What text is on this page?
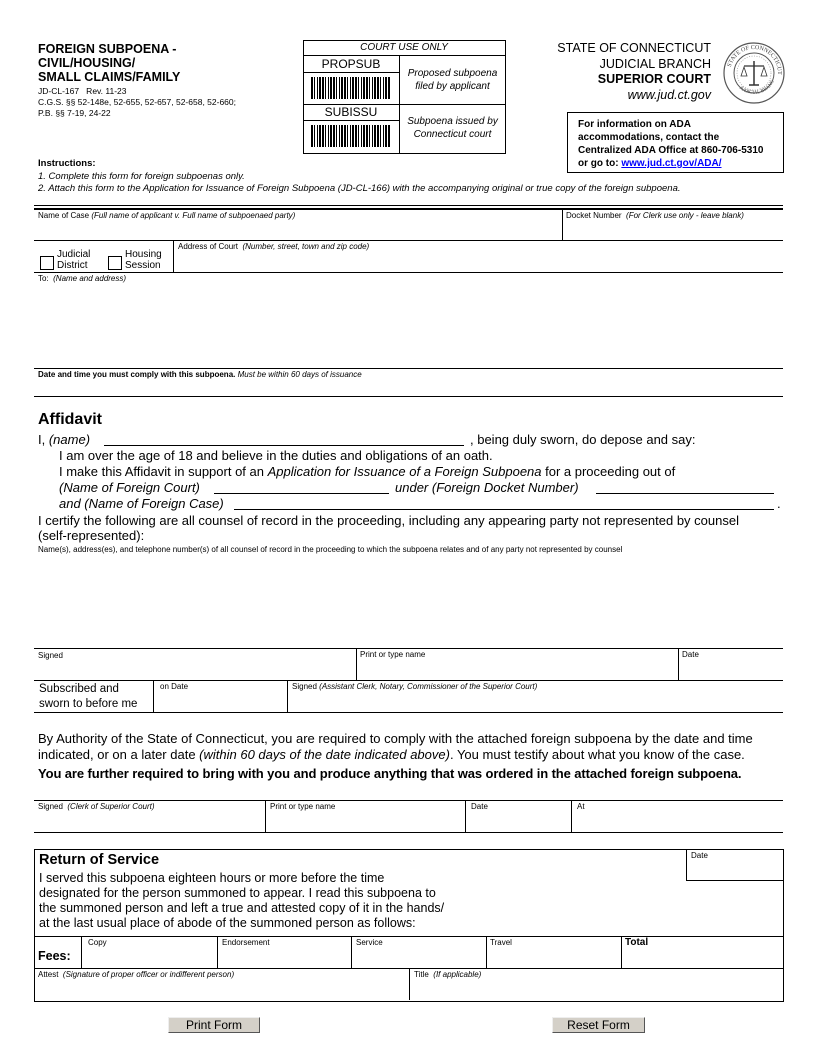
FOREIGN SUBPOENA -
CIVIL/HOUSING/
SMALL CLAIMS/FAMILY
JD-CL-167   Rev. 11-23
C.G.S. §§ 52-148e, 52-655, 52-657, 52-658, 52-660;
P.B. §§ 7-19, 24-22
COURT USE ONLY
PROPSUB
Proposed subpoena
filed by applicant
SUBISSU
Subpoena issued by
Connecticut court
STATE OF CONNECTICUT
JUDICIAL BRANCH
SUPERIOR COURT
www.jud.ct.gov
STATE OF CONNECTICUT
JUDICIAL BRANC
For information on ADA
accommodations, contact the
Centralized ADA Office at 860-706-5310
or go to: www.jud.ct.gov/ADA/
Instructions:
1. Complete this form for foreign subpoenas only.
2. Attach this form to the Application for Issuance of Foreign Subpoena (JD-CL-166) with the accompanying original or true copy of the foreign subpoena.
Name of Case (Full name of applicant v. Full name of subpoenaed party)	Docket Number (For Clerk use only - leave blank)
Judicial
District
Housing
Session
Address of Court (Number, street, town and zip code)
To: (Name and address)
Date and time you must comply with this subpoena. Must be within 60 days of issuance
Affidavit
I, (name)	, being duly sworn, do depose and say:
I am over the age of 18 and believe in the duties and obligations of an oath.
I make this Affidavit in support of an Application for Issuance of a Foreign Subpoena for a proceeding out of
(Name of Foreign Court)	under (Foreign Docket Number)
and (Name of Foreign Case)	.
I certify the following are all counsel of record in the proceeding, including any appearing party not represented by counsel
(self-represented):
Name(s), address(es), and telephone number(s) of all counsel of record in the proceeding to which the subpoena relates and of any party not represented by counsel
Signed	Print or type name	Date
Subscribed and
sworn to before me
on Date	Signed (Assistant Clerk, Notary, Commissioner of the Superior Court)
By Authority of the State of Connecticut, you are required to comply with the attached foreign subpoena by the date and time
indicated, or on a later date (within 60 days of the date indicated above). You must testify about what you know of the case.
You are further required to bring with you and produce anything that was ordered in the attached foreign subpoena.
Signed (Clerk of Superior Court)	Print or type name	Date	At
Return of Service	Date
I served this subpoena eighteen hours or more before the time
designated for the person summoned to appear. I read this subpoena to
the summoned person and left a true and attested copy of it in the hands/
at the last usual place of abode of the summoned person as follows:
Fees:
Copy	Endorsement	Service	Travel	Total
Attest (Signature of proper officer or indifferent person)	Title (If applicable)
Print Form	Reset Form
